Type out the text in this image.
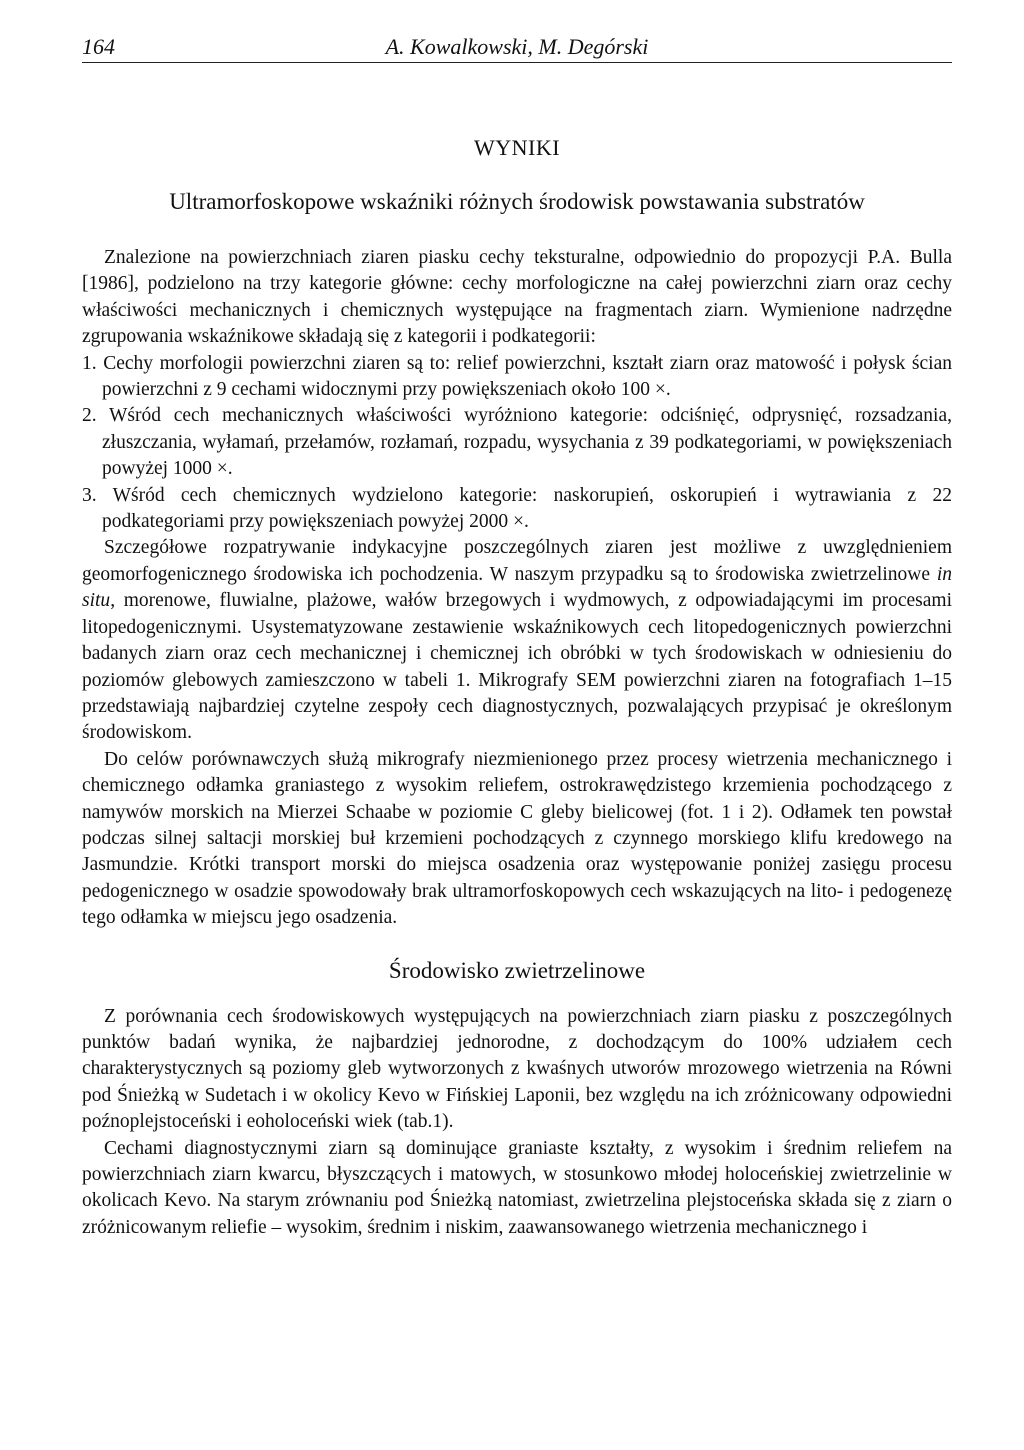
164	A. Kowalkowski, M. Degórski
WYNIKI
Ultramorfoskopowe wskaźniki różnych środowisk powstawania substratów

Znalezione na powierzchniach ziaren piasku cechy teksturalne, odpowiednio do propozycji P.A. Bulla [1986], podzielono na trzy kategorie główne: cechy morfologiczne na całej powierzchni ziarn oraz cechy właściwości mechanicznych i chemicznych występujące na fragmentach ziarn. Wymienione nadrzędne zgrupowania wskaźnikowe składają się z kategorii i podkategorii:

1. Cechy morfologii powierzchni ziaren są to: relief powierzchni, kształt ziarn oraz matowość i połysk ścian powierzchni z 9 cechami widocznymi przy powiększeniach około 100 ×.

2. Wśród cech mechanicznych właściwości wyróżniono kategorie: odciśnięć, odprysnięć, rozsadzania, złuszczania, wyłamań, przełamów, rozłamań, rozpadu, wysychania z 39 podkategoriami, w powiększeniach powyżej 1000 ×.

3. Wśród cech chemicznych wydzielono kategorie: naskorupień, oskorupień i wytrawiania z 22 podkategoriami przy powiększeniach powyżej 2000 ×.

Szczegółowe rozpatrywanie indykacyjne poszczególnych ziaren jest możliwe z uwzględnieniem geomorfogenicznego środowiska ich pochodzenia. W naszym przypadku są to środowiska zwietrzelinowe in situ, morenowe, fluwialne, plażowe, wałów brzegowych i wydmowych, z odpowiadającymi im procesami litopedogenicznymi. Usystematyzowane zestawienie wskaźnikowych cech litopedogenicznych powierzchni badanych ziarn oraz cech mechanicznej i chemicznej ich obróbki w tych środowiskach w odniesieniu do poziomów glebowych zamieszczono w tabeli 1. Mikrografy SEM powierzchni ziaren na fotografiach 1–15 przedstawiają najbardziej czytelne zespoły cech diagnostycznych, pozwalających przypisać je określonym środowiskom.

Do celów porównawczych służą mikrografy niezmienionego przez procesy wietrzenia mechanicznego i chemicznego odłamka graniastego z wysokim reliefem, ostrokrawędzistego krzemienia pochodzącego z namywów morskich na Mierzei Schaabe w poziomie C gleby bielicowej (fot. 1 i 2). Odłamek ten powstał podczas silnej saltacji morskiej buł krzemieni pochodzących z czynnego morskiego klifu kredowego na Jasmundzie. Krótki transport morski do miejsca osadzenia oraz występowanie poniżej zasięgu procesu pedogenicznego w osadzie spowodowały brak ultramorfoskopowych cech wskazujących na lito- i pedogenezę tego odłamka w miejscu jego osadzenia.

Środowisko zwietrzelinowe

Z porównania cech środowiskowych występujących na powierzchniach ziarn piasku z poszczególnych punktów badań wynika, że najbardziej jednorodne, z dochodzącym do 100% udziałem cech charakterystycznych są poziomy gleb wytworzonych z kwaśnych utworów mrozowego wietrzenia na Równi pod Śnieżką w Sudetach i w okolicy Kevo w Fińskiej Laponii, bez względu na ich zróżnicowany odpowiedni poźnoplejstoceński i eoholoceński wiek (tab.1).

Cechami diagnostycznymi ziarn są dominujące graniaste kształty, z wysokim i średnim reliefem na powierzchniach ziarn kwarcu, błyszczących i matowych, w stosunkowo młodej holoceńskiej zwietrzelinie w okolicach Kevo. Na starym zrównaniu pod Śnieżką natomiast, zwietrzelina plejstoceńska składa się z ziarn o zróżnicowanym reliefie – wysokim, średnim i niskim, zaawansowanego wietrzenia mechanicznego i
